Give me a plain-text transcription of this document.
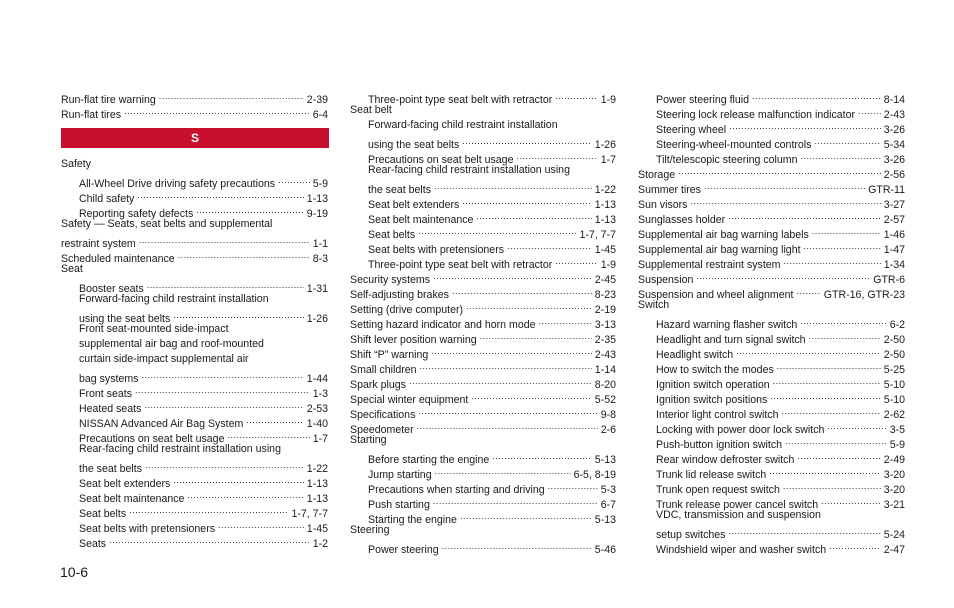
Run-flat tire warning .....	2-39
Run-flat tires .....	6-4
Safety
All-Wheel Drive driving safety precautions .....	5-9
Child safety .....	1-13
Reporting safety defects .....	9-19
Safety — Seats, seat belts and supplemental
restraint system .....	1-1
Scheduled maintenance .....	8-3
Seat
Booster seats .....	1-31
Forward-facing child restraint installation
using the seat belts .....	1-26
Front seat-mounted side-impact
supplemental air bag and roof-mounted
curtain side-impact supplemental air
bag systems .....	1-44
Front seats .....	1-3
Heated seats .....	2-53
NISSAN Advanced Air Bag System .....	1-40
Precautions on seat belt usage .....	1-7
Rear-facing child restraint installation using
the seat belts .....	1-22
Seat belt extenders .....	1-13
Seat belt maintenance .....	1-13
Seat belts .....	1-7, 7-7
Seat belts with pretensioners .....	1-45
Seats .....	1-2
S
Three-point type seat belt with retractor .....	1-9
Seat belt
Forward-facing child restraint installation
using the seat belts .....	1-26
Precautions on seat belt usage .....	1-7
Rear-facing child restraint installation using
the seat belts .....	1-22
Seat belt extenders .....	1-13
Seat belt maintenance .....	1-13
Seat belts .....	1-7, 7-7
Seat belts with pretensioners .....	1-45
Three-point type seat belt with retractor .....	1-9
Security systems .....	2-45
Self-adjusting brakes .....	8-23
Setting (drive computer) .....	2-19
Setting hazard indicator and horn mode .....	3-13
Shift lever position warning .....	2-35
Shift “P” warning .....	2-43
Small children .....	1-14
Spark plugs .....	8-20
Special winter equipment .....	5-52
Specifications .....	9-8
Speedometer .....	2-6
Starting
Before starting the engine .....	5-13
Jump starting .....	6-5, 8-19
Precautions when starting and driving .....	5-3
Push starting .....	6-7
Starting the engine .....	5-13
Steering
Power steering .....	5-46
Power steering fluid .....	8-14
Steering lock release malfunction indicator .....	2-43
Steering wheel .....	3-26
Steering-wheel-mounted controls .....	5-34
Tilt/telescopic steering column .....	3-26
Storage .....	2-56
Summer tires .....	GTR-11
Sun visors .....	3-27
Sunglasses holder .....	2-57
Supplemental air bag warning labels .....	1-46
Supplemental air bag warning light .....	1-47
Supplemental restraint system .....	1-34
Suspension .....	GTR-6
Suspension and wheel alignment .....	GTR-16, GTR-23
Switch
Hazard warning flasher switch .....	6-2
Headlight and turn signal switch .....	2-50
Headlight switch .....	2-50
How to switch the modes .....	5-25
Ignition switch operation .....	5-10
Ignition switch positions .....	5-10
Interior light control switch .....	2-62
Locking with power door lock switch .....	3-5
Push-button ignition switch .....	5-9
Rear window defroster switch .....	2-49
Trunk lid release switch .....	3-20
Trunk open request switch .....	3-20
Trunk release power cancel switch .....	3-21
VDC, transmission and suspension
setup switches .....	5-24
Windshield wiper and washer switch .....	2-47
10-6
